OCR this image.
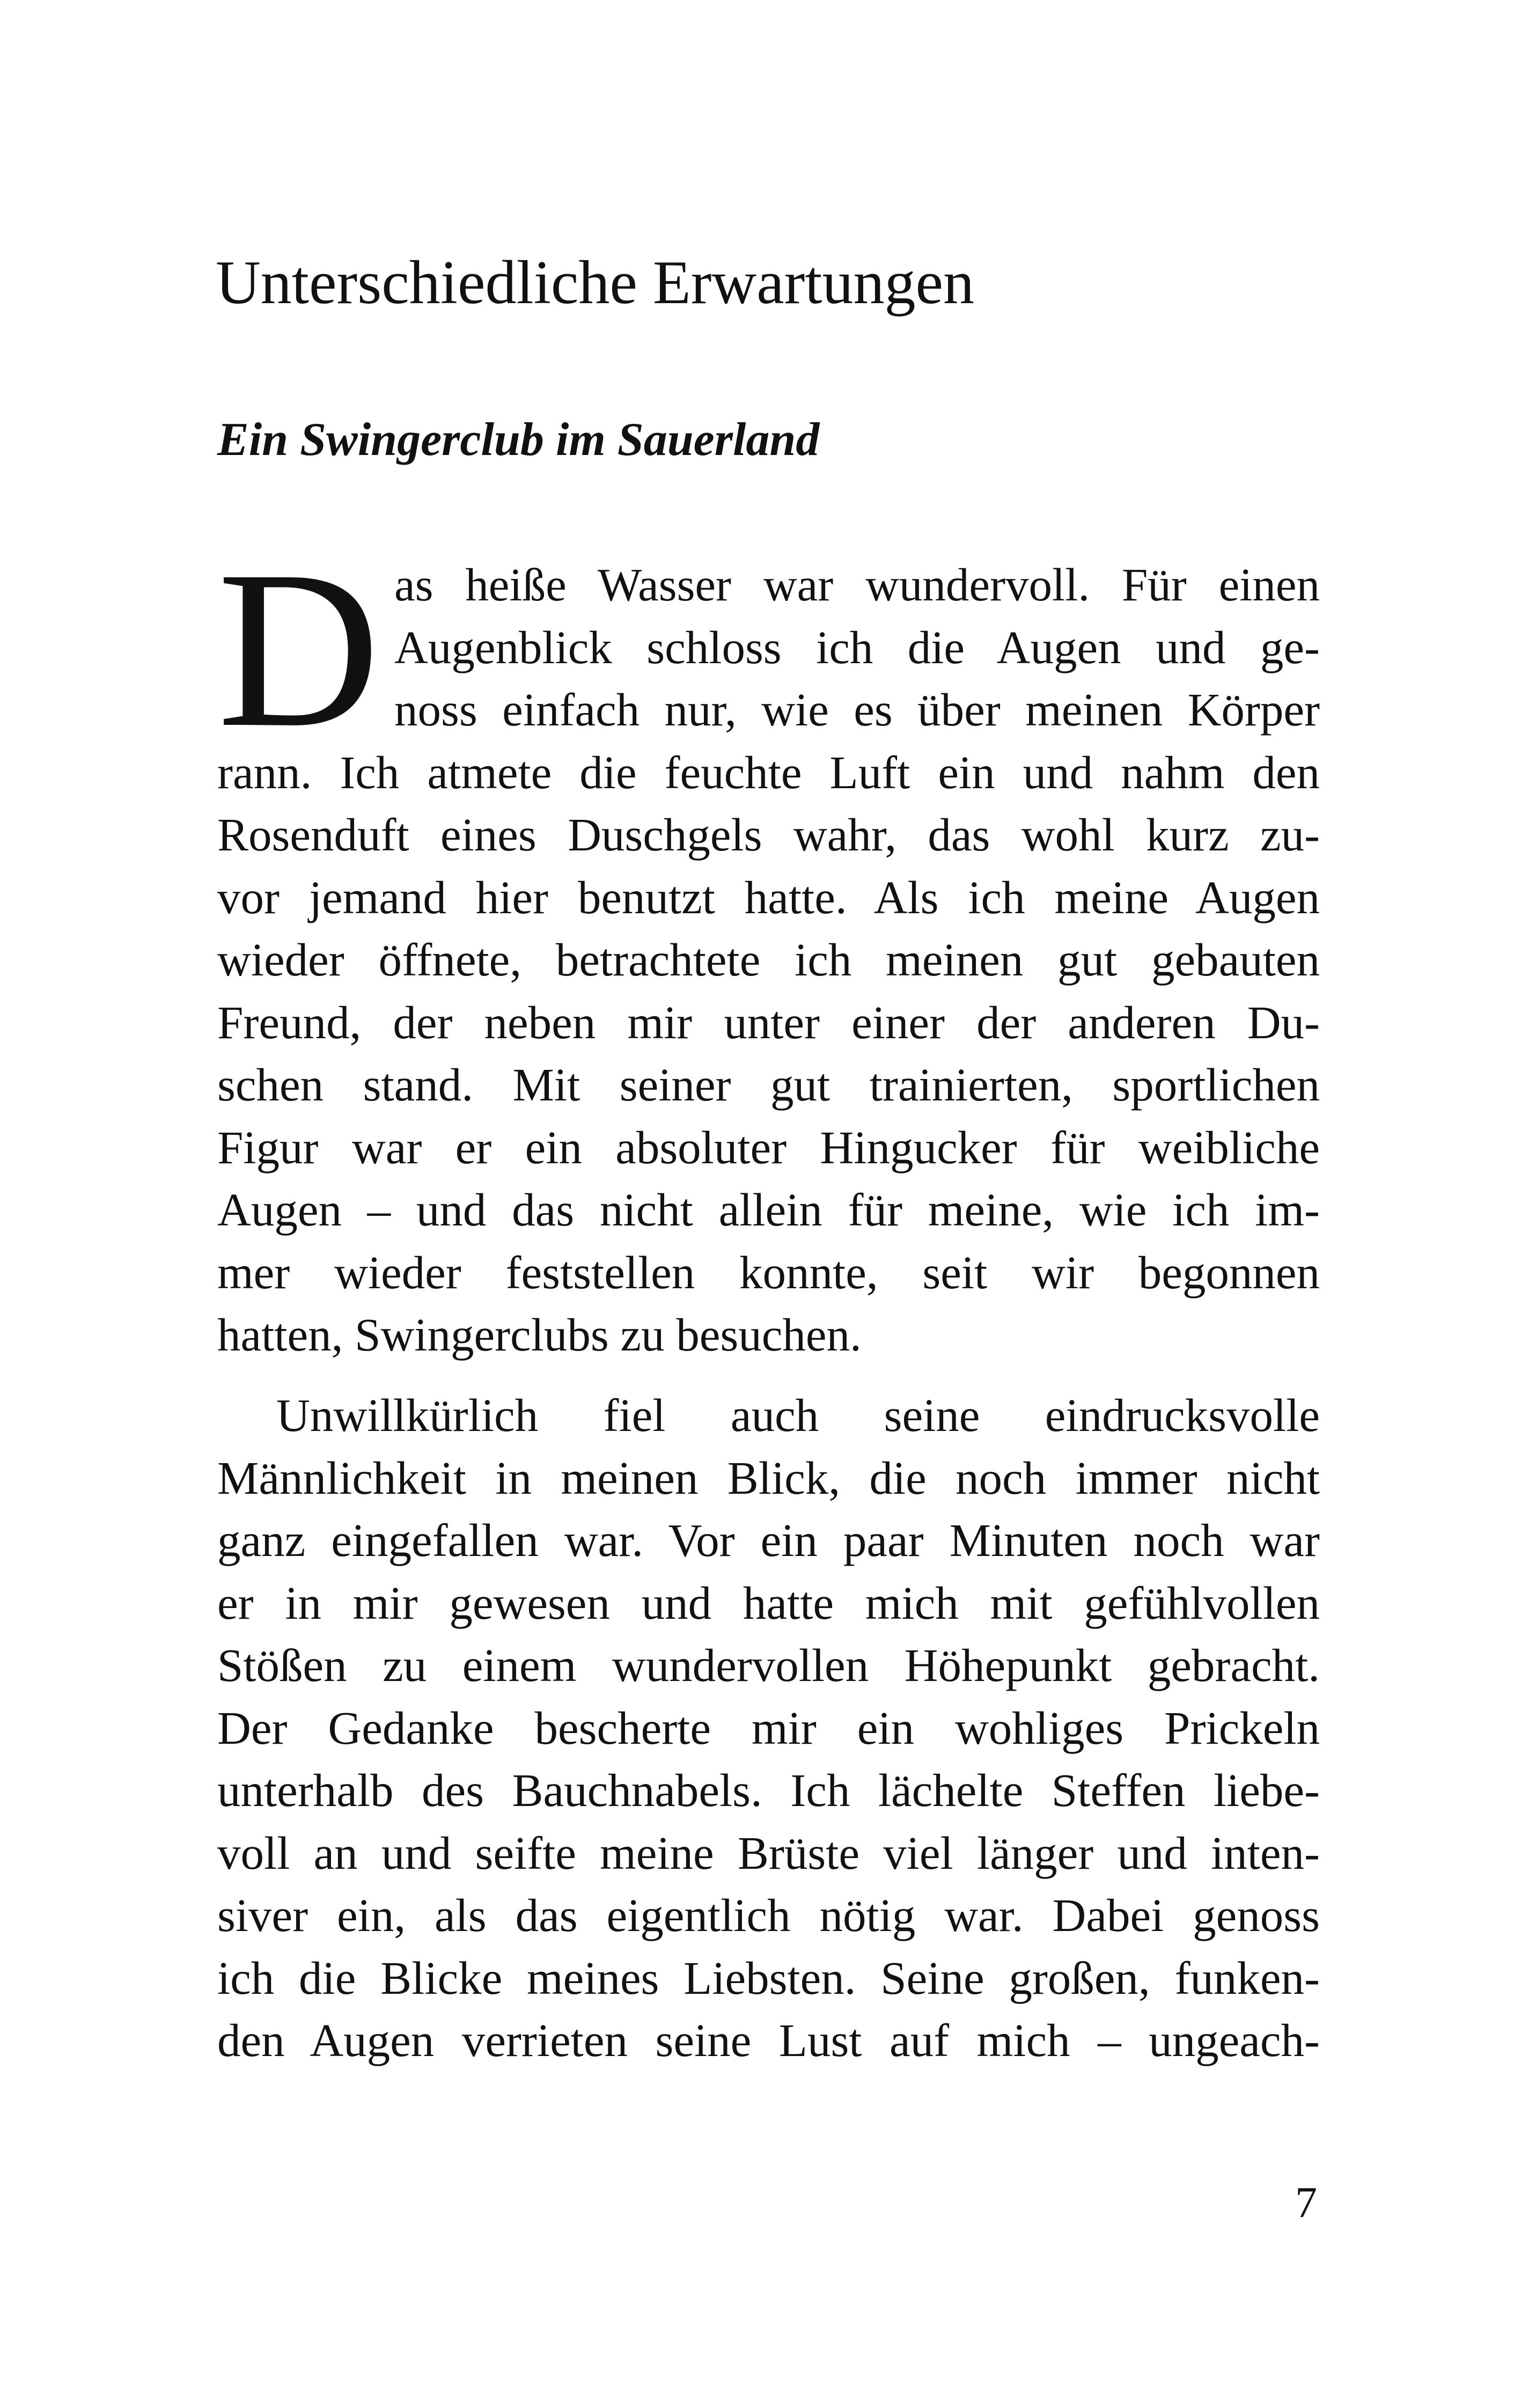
Unterschiedliche Erwartungen
Ein Swingerclub im Sauerland
D as heiße Wasser war wundervoll. Für einen
Augenblick schloss ich die Augen und ge-
noss einfach nur, wie es über meinen Körper
rann. Ich atmete die feuchte Luft ein und nahm den
Rosenduft eines Duschgels wahr, das wohl kurz zu-
vor jemand hier benutzt hatte. Als ich meine Augen
wieder öffnete, betrachtete ich meinen gut gebauten
Freund, der neben mir unter einer der anderen Du-
schen stand. Mit seiner gut trainierten, sportlichen
Figur war er ein absoluter Hingucker für weibliche
Augen – und das nicht allein für meine, wie ich im-
mer wieder feststellen konnte, seit wir begonnen
hatten, Swingerclubs zu besuchen.
Unwillkürlich fiel auch seine eindrucksvolle
Männlichkeit in meinen Blick, die noch immer nicht
ganz eingefallen war. Vor ein paar Minuten noch war
er in mir gewesen und hatte mich mit gefühlvollen
Stößen zu einem wundervollen Höhepunkt gebracht.
Der Gedanke bescherte mir ein wohliges Prickeln
unterhalb des Bauchnabels. Ich lächelte Steffen liebe-
voll an und seifte meine Brüste viel länger und inten-
siver ein, als das eigentlich nötig war. Dabei genoss
ich die Blicke meines Liebsten. Seine großen, funken-
den Augen verrieten seine Lust auf mich – ungeach-

7
